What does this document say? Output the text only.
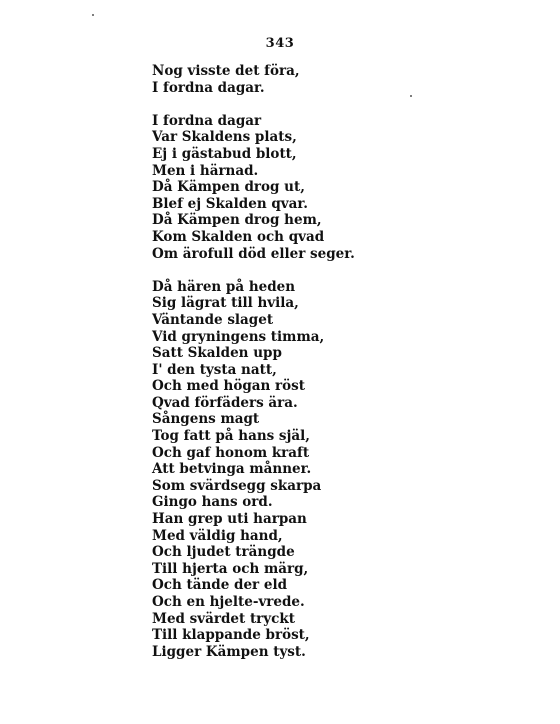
343
Nog visste det föra,
I fordna dagar.
I fordna dagar
Var Skaldens plats,
Ej i gästabud blott,
Men i härnad.
Då Kämpen drog ut,
Blef ej Skalden qvar.
Då Kämpen drog hem,
Kom Skalden och qvad
Om ärofull död eller seger.
Då hären på heden
Sig lägrat till hvila,
Väntande slaget
Vid gryningens timma,
Satt Skalden upp
I' den tysta natt,
Och med högan röst
Qvad förfäders ära.
Sångens magt
Tog fatt på hans själ,
Och gaf honom kraft
Att betvinga månner.
Som svärdsegg skarpa
Gingo hans ord.
Han grep uti harpan
Med väldig hand,
Och ljudet trängde
Till hjerta och märg,
Och tände der eld
Och en hjelte-vrede.
Med svärdet tryckt
Till klappande bröst,
Ligger Kämpen tyst.
